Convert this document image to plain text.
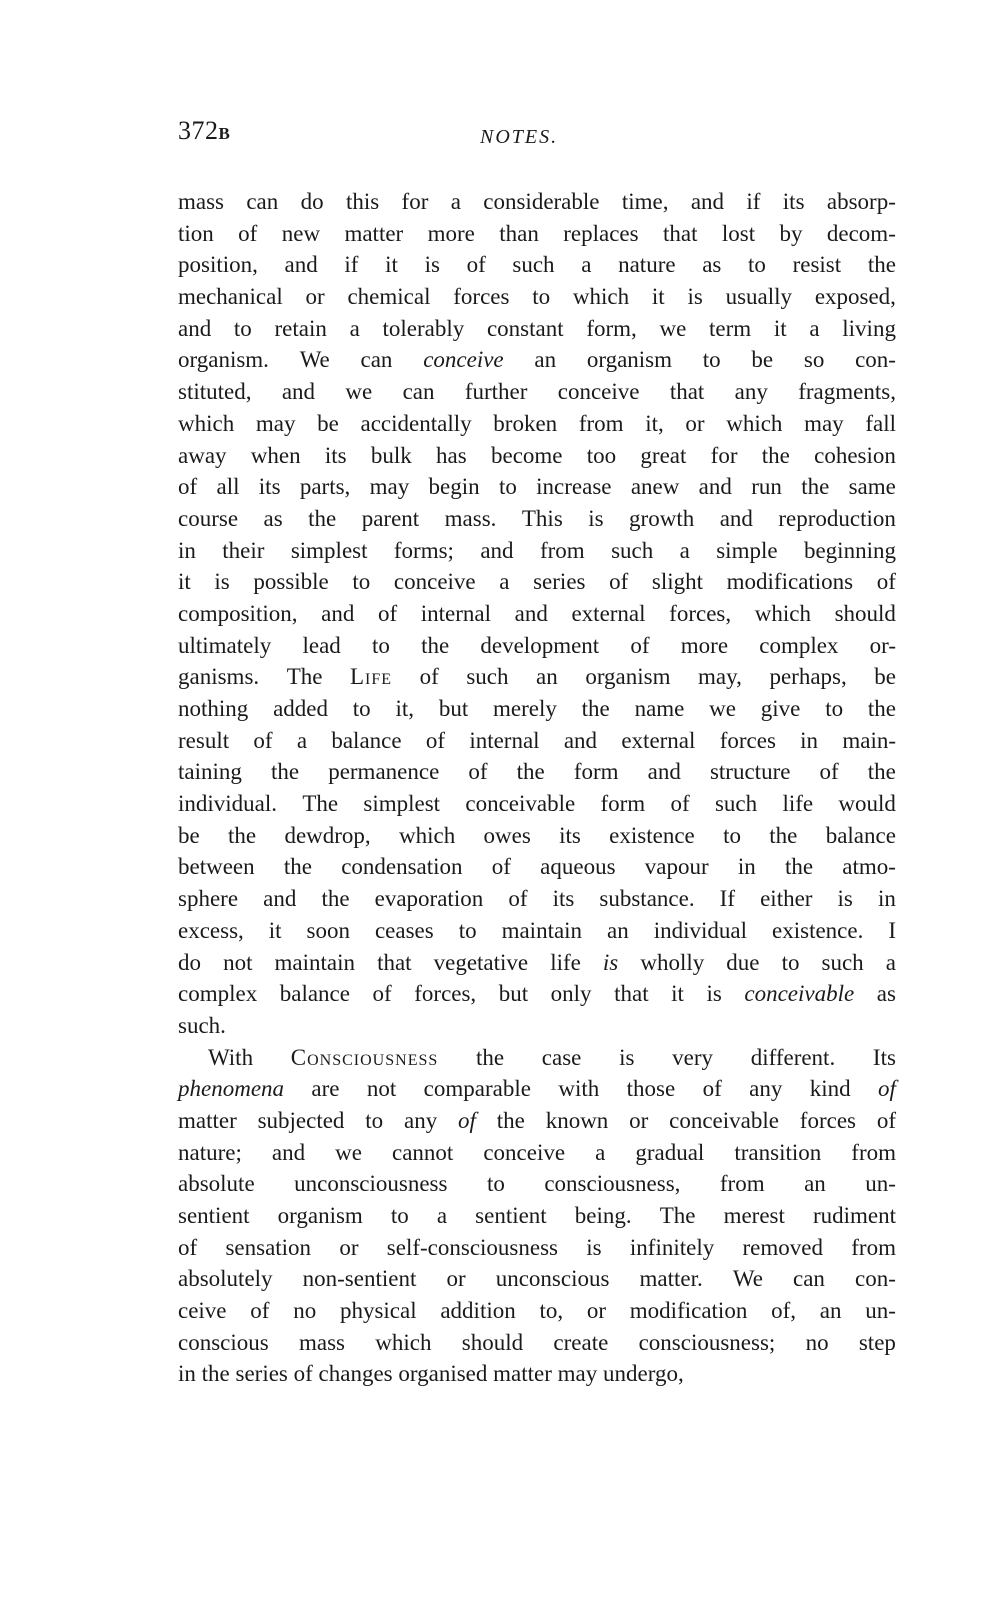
372B	NOTES.
mass can do this for a considerable time, and if its absorp-
tion of new matter more than replaces that lost by decom-
position, and if it is of such a nature as to resist the
mechanical or chemical forces to which it is usually exposed,
and to retain a tolerably constant form, we term it a living
organism. We can conceive an organism to be so con-
stituted, and we can further conceive that any fragments,
which may be accidentally broken from it, or which may fall
away when its bulk has become too great for the cohesion
of all its parts, may begin to increase anew and run the same
course as the parent mass. This is growth and reproduction
in their simplest forms; and from such a simple beginning
it is possible to conceive a series of slight modifications of
composition, and of internal and external forces, which should
ultimately lead to the development of more complex or-
ganisms. The Life of such an organism may, perhaps, be
nothing added to it, but merely the name we give to the
result of a balance of internal and external forces in main-
taining the permanence of the form and structure of the
individual. The simplest conceivable form of such life would
be the dewdrop, which owes its existence to the balance
between the condensation of aqueous vapour in the atmo-
sphere and the evaporation of its substance. If either is in
excess, it soon ceases to maintain an individual existence. I
do not maintain that vegetative life is wholly due to such a
complex balance of forces, but only that it is conceivable as
such.
With Consciousness the case is very different. Its
phenomena are not comparable with those of any kind of
matter subjected to any of the known or conceivable forces of
nature; and we cannot conceive a gradual transition from
absolute unconsciousness to consciousness, from an un-
sentient organism to a sentient being. The merest rudiment
of sensation or self-consciousness is infinitely removed from
absolutely non-sentient or unconscious matter. We can con-
ceive of no physical addition to, or modification of, an un-
conscious mass which should create consciousness; no step
in
the
series
of
changes
organised
matter
may
undergo,
